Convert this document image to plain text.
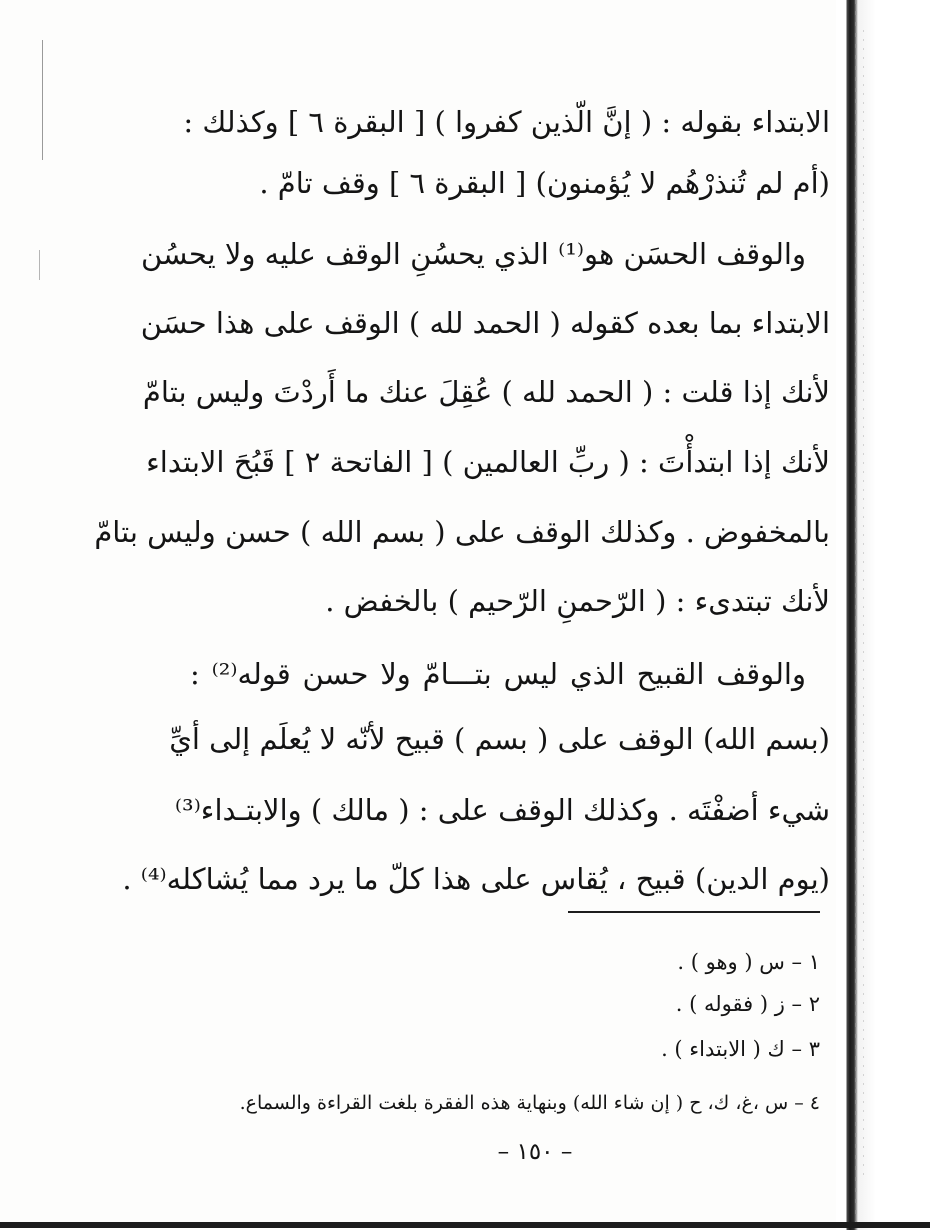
الابتداء بقوله : ( إنَّ الّذين كفروا ) [ البقرة ٦ ] وكذلك :
(أم لم تُنذرْهُم لا يُؤمنون) [ البقرة ٦ ] وقف تامّ .
والوقف الحسَن هو⁽¹⁾ الذي يحسُنِ الوقف عليه ولا يحسُن
الابتداء بما بعده كقوله ( الحمد لله ) الوقف على هذا حسَن
لأنك إذا قلت : ( الحمد لله ) عُقِلَ عنك ما أَردْتَ وليس بتامّ
لأنك إذا ابتدأْتَ : ( ربِّ العالمين ) [ الفاتحة ٢ ] قَبُحَ الابتداء
بالمخفوض . وكذلك الوقف على ( بسم الله ) حسن وليس بتامّ
لأنك تبتدىء : ( الرّحمنِ الرّحيم ) بالخفض .
والوقف القبيح الذي ليس بتـــامّ ولا حسن قوله⁽²⁾ :
(بسم الله) الوقف على ( بسم ) قبيح لأنّه لا يُعلَم إلى أيِّ
شيء أضفْتَه . وكذلك الوقف على : ( مالك ) والابتـداء⁽³⁾
(يوم الدين) قبيح ، يُقاس على هذا كلّ ما يرد مما يُشاكله⁽⁴⁾ .
١ – س ( وهو ) .
٢ – ز ( فقوله ) .
٣ – ك ( الابتداء ) .
٤ – س ،غ، ك، ح ( إن شاء الله) وبنهاية هذه الفقرة بلغت القراءة والسماع.
– ١٥٠ –
